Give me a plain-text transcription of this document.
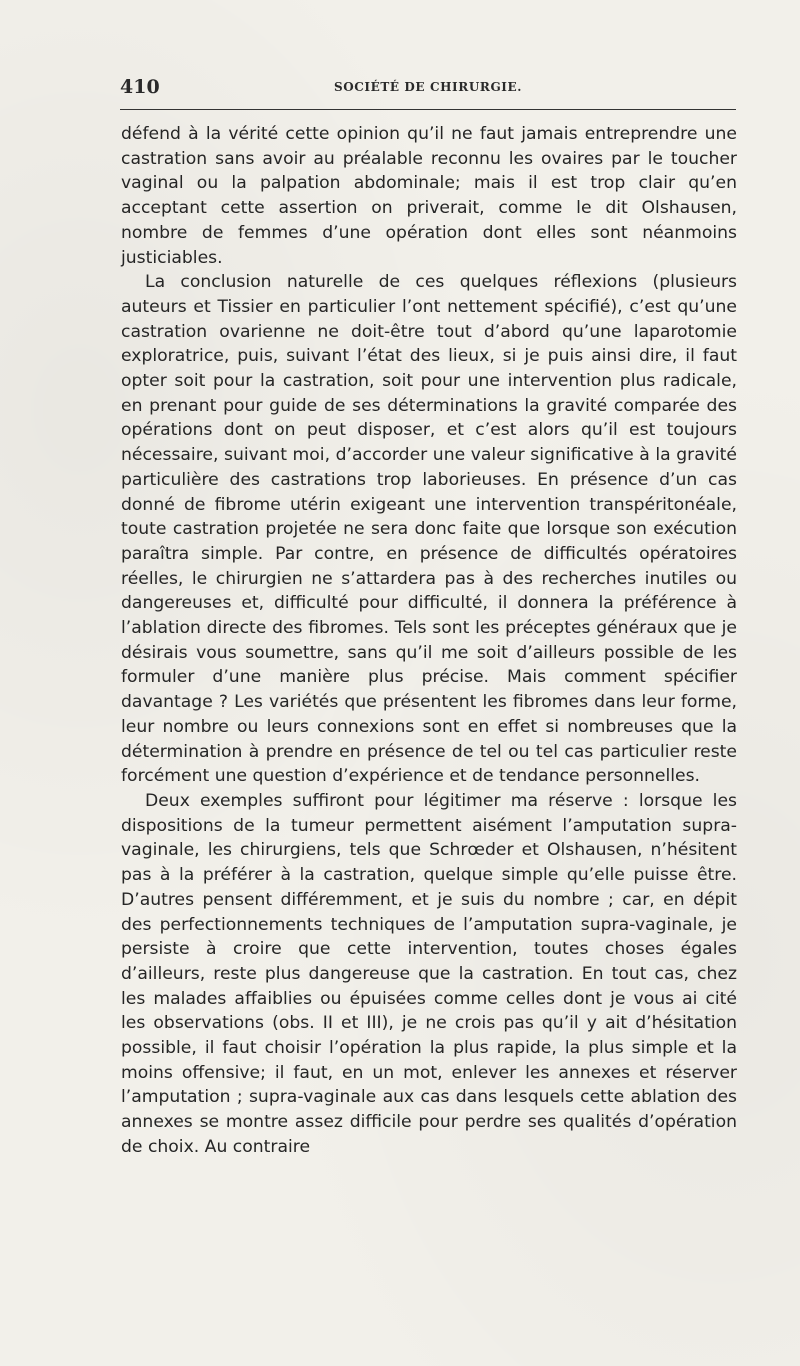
410	SOCIÉTÉ DE CHIRURGIE.

défend à la vérité cette opinion qu’il ne faut jamais entreprendre une castration sans avoir au préalable reconnu les ovaires par le toucher vaginal ou la palpation abdominale; mais il est trop clair qu’en acceptant cette assertion on priverait, comme le dit Olshausen, nombre de femmes d’une opération dont elles sont néanmoins justiciables.

La conclusion naturelle de ces quelques réflexions (plusieurs auteurs et Tissier en particulier l’ont nettement spécifié), c’est qu’une castration ovarienne ne doit-être tout d’abord qu’une laparotomie exploratrice, puis, suivant l’état des lieux, si je puis ainsi dire, il faut opter soit pour la castration, soit pour une intervention plus radicale, en prenant pour guide de ses déterminations la gravité comparée des opérations dont on peut disposer, et c’est alors qu’il est toujours nécessaire, suivant moi, d’accorder une valeur significative à la gravité particulière des castrations trop laborieuses. En présence d’un cas donné de fibrome utérin exigeant une intervention transpéritonéale, toute castration projetée ne sera donc faite que lorsque son exécution paraîtra simple. Par contre, en présence de difficultés opératoires réelles, le chirurgien ne s’attardera pas à des recherches inutiles ou dangereuses et, difficulté pour difficulté, il donnera la préférence à l’ablation directe des fibromes. Tels sont les préceptes généraux que je désirais vous soumettre, sans qu’il me soit d’ailleurs possible de les formuler d’une manière plus précise. Mais comment spécifier davantage ? Les variétés que présentent les fibromes dans leur forme, leur nombre ou leurs connexions sont en effet si nombreuses que la détermination à prendre en présence de tel ou tel cas particulier reste forcément une question d’expérience et de tendance personnelles.

Deux exemples suffiront pour légitimer ma réserve : lorsque les dispositions de la tumeur permettent aisément l’amputation supra-vaginale, les chirurgiens, tels que Schrœder et Olshausen, n’hésitent pas à la préférer à la castration, quelque simple qu’elle puisse être. D’autres pensent différemment, et je suis du nombre ; car, en dépit des perfectionnements techniques de l’amputation supra-vaginale, je persiste à croire que cette intervention, toutes choses égales d’ailleurs, reste plus dangereuse que la castration. En tout cas, chez les malades affaiblies ou épuisées comme celles dont je vous ai cité les observations (obs. II et III), je ne crois pas qu’il y ait d’hésitation possible, il faut choisir l’opération la plus rapide, la plus simple et la moins offensive; il faut, en un mot, enlever les annexes et réserver l’amputation ; supra-vaginale aux cas dans lesquels cette ablation des annexes se montre assez difficile pour perdre ses qualités d’opération de choix. Au contraire
